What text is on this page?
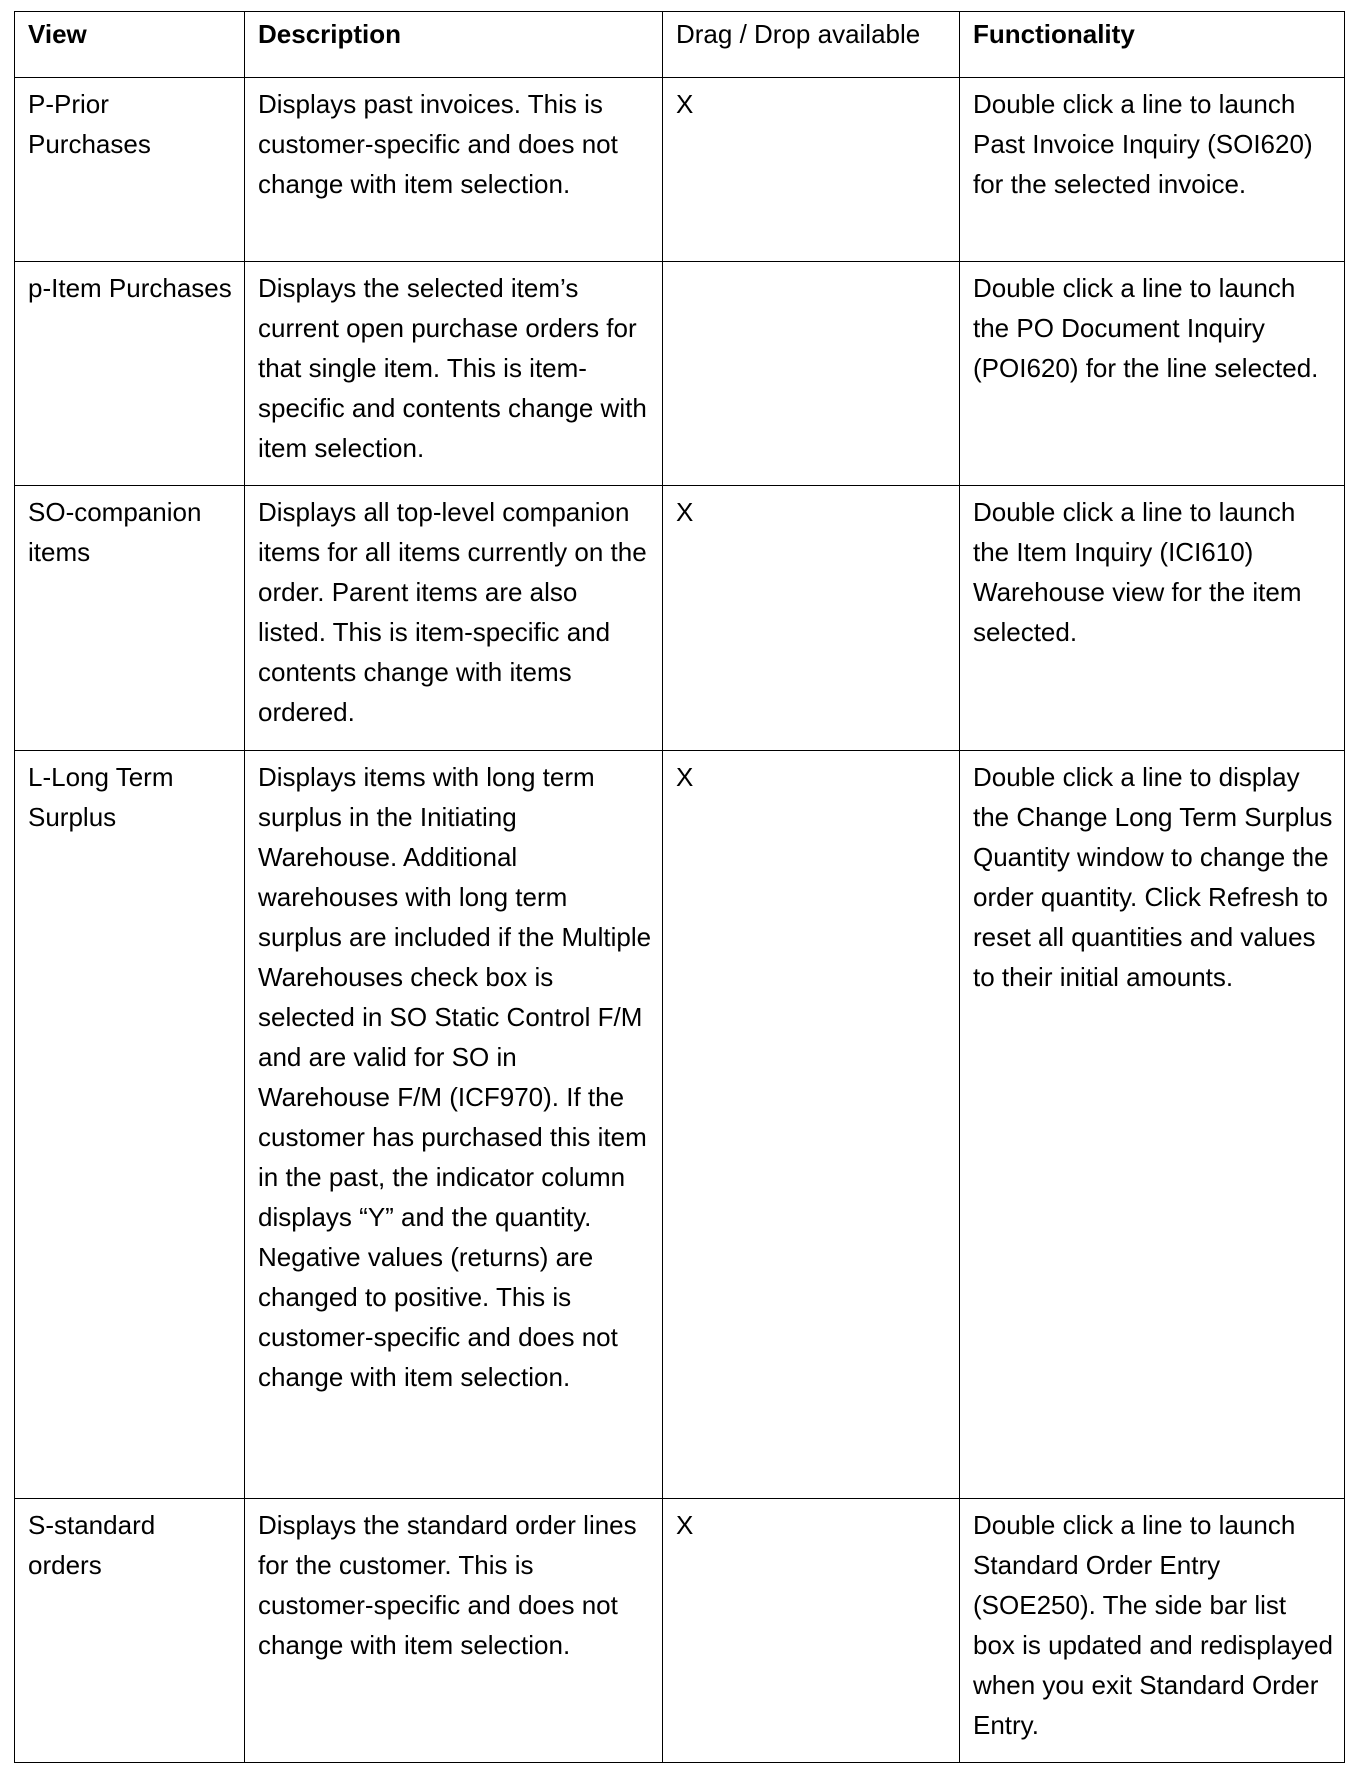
View	Description	Drag / Drop available	Functionality
P-Prior Purchases	Displays past invoices. This is customer-specific and does not change with item selection.	X	Double click a line to launch Past Invoice Inquiry (SOI620) for the selected invoice.
p-Item Purchases	Displays the selected item’s current open purchase orders for that single item. This is item-specific and contents change with item selection.		Double click a line to launch the PO Document Inquiry (POI620) for the line selected.
SO-companion items	Displays all top-level companion items for all items currently on the order. Parent items are also listed. This is item-specific and contents change with items ordered.	X	Double click a line to launch the Item Inquiry (ICI610) Warehouse view for the item selected.
L-Long Term Surplus	Displays items with long term surplus in the Initiating Warehouse. Additional warehouses with long term surplus are included if the Multiple Warehouses check box is selected in SO Static Control F/M and are valid for SO in Warehouse F/M (ICF970). If the customer has purchased this item in the past, the indicator column displays “Y” and the quantity. Negative values (returns) are changed to positive. This is customer-specific and does not change with item selection.	X	Double click a line to display the Change Long Term Surplus Quantity window to change the order quantity. Click Refresh to reset all quantities and values to their initial amounts.
S-standard orders	Displays the standard order lines for the customer. This is customer-specific and does not change with item selection.	X	Double click a line to launch Standard Order Entry (SOE250). The side bar list box is updated and redisplayed when you exit Standard Order Entry.
